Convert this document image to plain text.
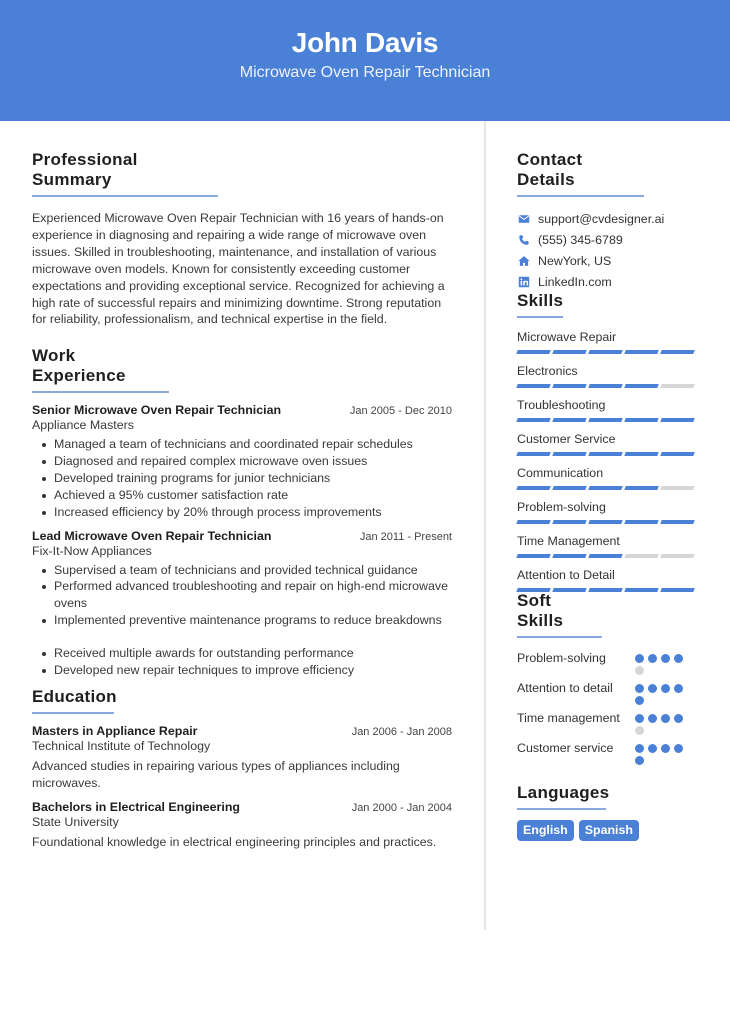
John Davis
Microwave Oven Repair Technician
Professional Summary

Experienced Microwave Oven Repair Technician with 16 years of hands-on experience in diagnosing and repairing a wide range of microwave oven issues. Skilled in troubleshooting, maintenance, and installation of various microwave oven models. Known for consistently exceeding customer expectations and providing exceptional service. Recognized for achieving a high rate of successful repairs and minimizing downtime. Strong reputation for reliability, professionalism, and technical expertise in the field.

Work Experience
Senior Microwave Oven Repair Technician	Jan 2005 - Dec 2010
Appliance Masters
Managed a team of technicians and coordinated repair schedules
Diagnosed and repaired complex microwave oven issues
Developed training programs for junior technicians
Achieved a 95% customer satisfaction rate
Increased efficiency by 20% through process improvements
Lead Microwave Oven Repair Technician	Jan 2011 - Present
Fix-It-Now Appliances
Supervised a team of technicians and provided technical guidance
Performed advanced troubleshooting and repair on high-end microwave ovens
Implemented preventive maintenance programs to reduce breakdowns
Received multiple awards for outstanding performance
Developed new repair techniques to improve efficiency
Education
Masters in Appliance Repair	Jan 2006 - Jan 2008
Technical Institute of Technology

Advanced studies in repairing various types of appliances including microwaves.

Bachelors in Electrical Engineering	Jan 2000 - Jan 2004
State University

Foundational knowledge in electrical engineering principles and practices.

Contact Details
support@cvdesigner.ai
(555) 345-6789
NewYork, US
LinkedIn.com
Skills
Microwave Repair
Electronics
Troubleshooting
Customer Service
Communication
Problem-solving
Time Management
Attention to Detail
Soft Skills
Problem-solving
Attention to detail
Time management
Customer service
Languages
English	Spanish
